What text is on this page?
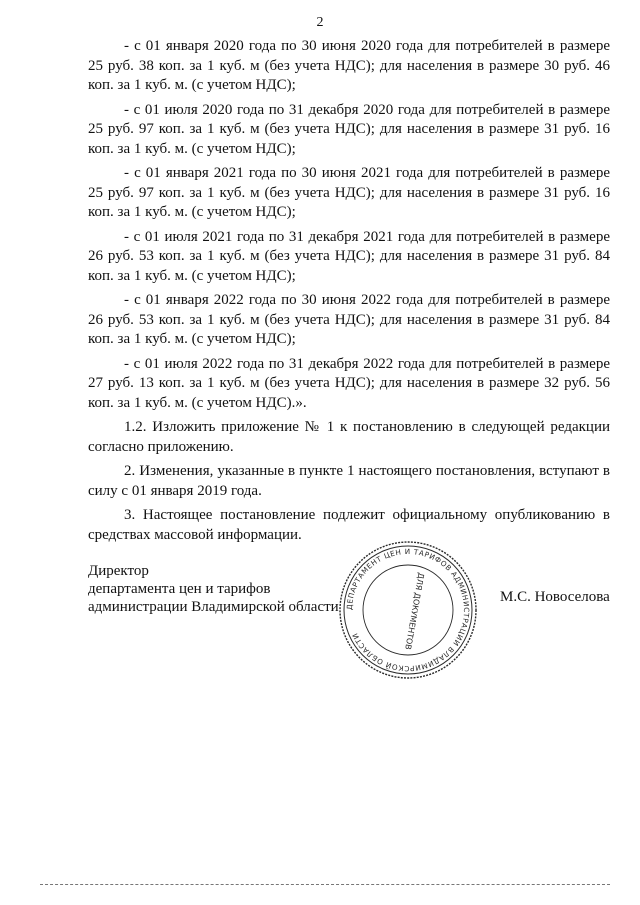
2

- с 01 января 2020 года по 30 июня 2020 года для потребителей в размере 25 руб. 38 коп. за 1 куб. м (без учета НДС); для населения в размере 30 руб. 46 коп. за 1 куб. м. (с учетом НДС);

- с 01 июля 2020 года по 31 декабря 2020 года для потребителей в размере 25 руб. 97 коп. за 1 куб. м (без учета НДС); для населения в размере 31 руб. 16 коп. за 1 куб. м. (с учетом НДС);

- с 01 января 2021 года по 30 июня 2021 года для потребителей в размере 25 руб. 97 коп. за 1 куб. м (без учета НДС); для населения в размере 31 руб. 16 коп. за 1 куб. м. (с учетом НДС);

- с 01 июля 2021 года по 31 декабря 2021 года для потребителей в размере 26 руб. 53 коп. за 1 куб. м (без учета НДС); для населения в размере 31 руб. 84 коп. за 1 куб. м. (с учетом НДС);

- с 01 января 2022 года по 30 июня 2022 года для потребителей в размере 26 руб. 53 коп. за 1 куб. м (без учета НДС); для населения в размере 31 руб. 84 коп. за 1 куб. м. (с учетом НДС);

- с 01 июля 2022 года по 31 декабря 2022 года для потребителей в размере 27 руб. 13 коп. за 1 куб. м (без учета НДС); для населения в размере 32 руб. 56 коп. за 1 куб. м. (с учетом НДС).».

1.2. Изложить приложение № 1 к постановлению в следующей редакции согласно приложению.

2. Изменения, указанные в пункте 1 настоящего постановления, вступают в силу с 01 января 2019 года.

3. Настоящее постановление подлежит официальному опубликованию в средствах массовой информации.

Директор
департамента цен и тарифов
администрации Владимирской области ДЕПАРТАМЕНТ ЦЕН И ТАРИФОВ АДМИНИСТРАЦИИ ВЛАДИМИРСКОЙ ОБЛАСТИ	ДЛЯ ДОКУМЕНТОВ	М.С. Новоселова
